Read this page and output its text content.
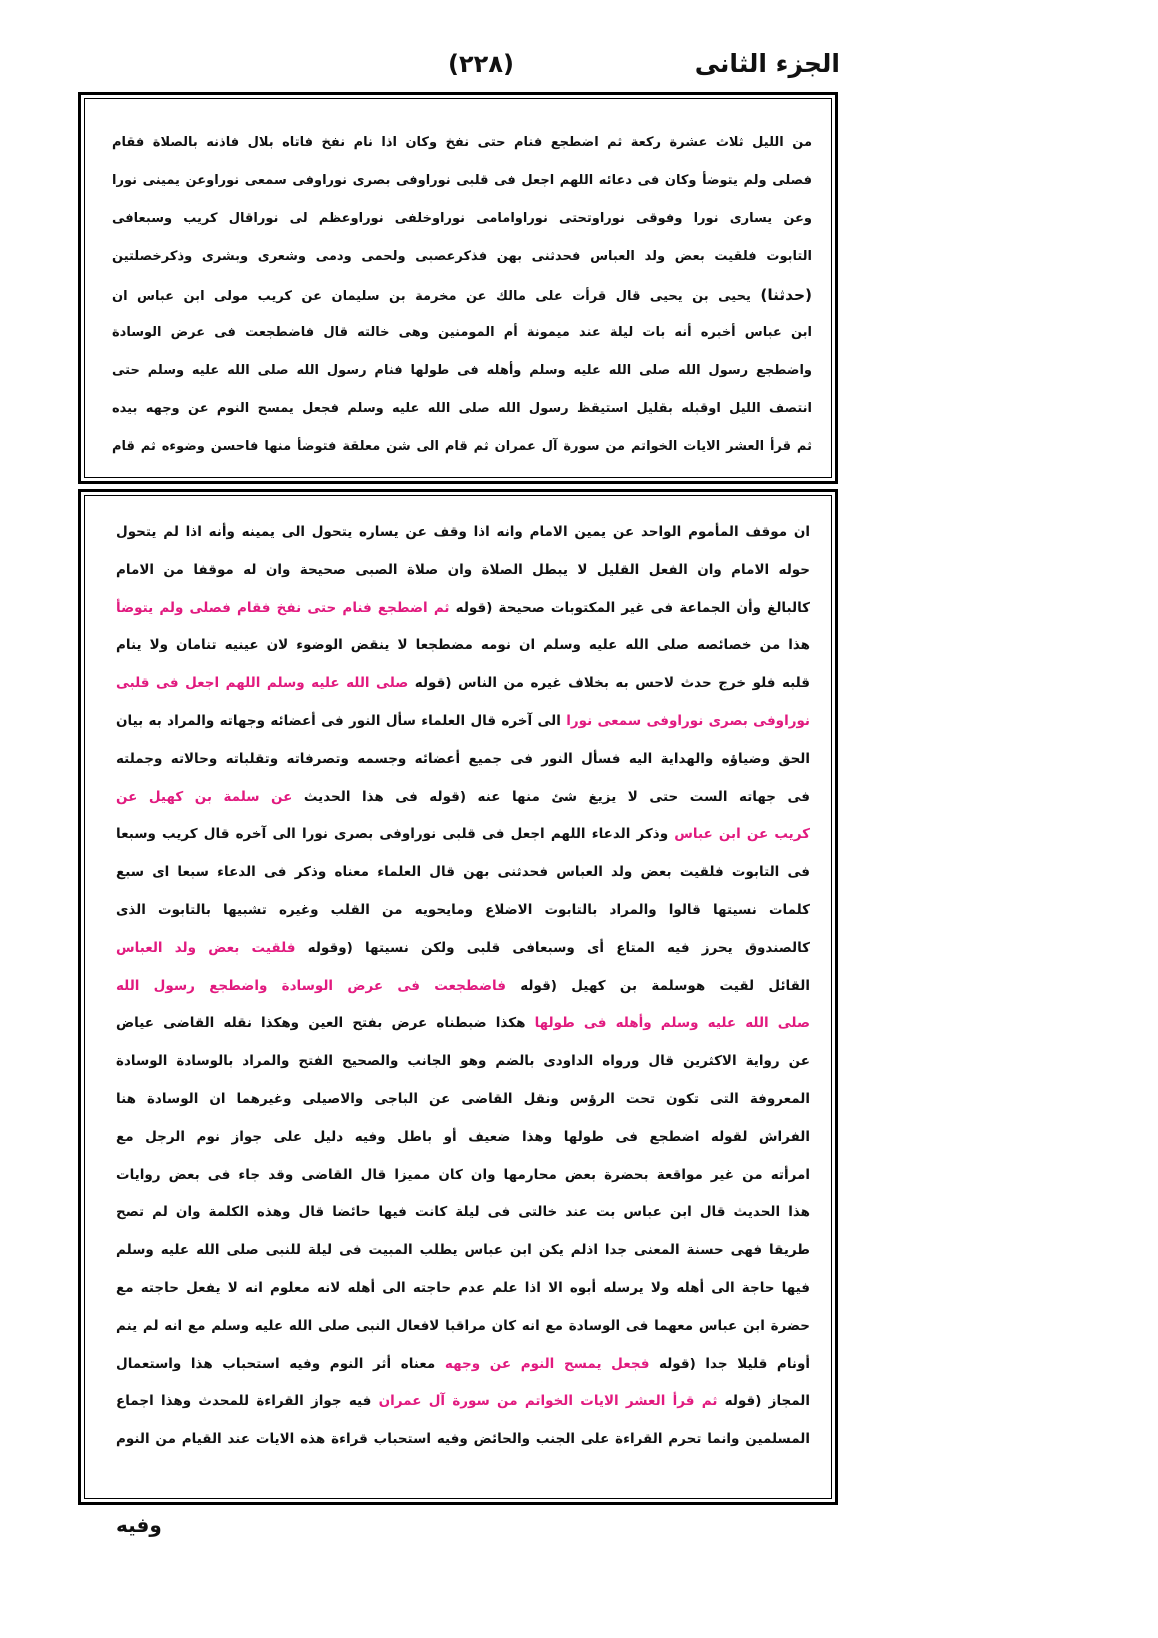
الجزء الثانى
(٢٢٨)
من الليل ثلاث عشرة ركعة ثم اضطجع فنام حتى نفخ وكان اذا نام نفخ فاتاه بلال فاذنه بالصلاة فقام
فصلى ولم يتوضأ وكان فى دعائه اللهم اجعل فى قلبى نوراوفى بصرى نوراوفى سمعى نوراوعن يمينى نورا
وعن يسارى نورا وفوقى نوراوتحتى نوراوامامى نوراوخلفى نوراوعظم لى نوراقال كريب وسبعافى
التابوت فلقيت بعض ولد العباس فحدثنى بهن فذكرعصبى ولحمى ودمى وشعرى وبشرى وذكرخصلتين
(حدثنا) يحيى بن يحيى قال قرأت على مالك عن مخرمة بن سليمان عن كريب مولى ابن عباس ان
ابن عباس أخبره أنه بات ليلة عند ميمونة أم المومنين وهى خالته قال فاضطجعت فى عرض الوسادة
واضطجع رسول الله صلى الله عليه وسلم وأهله فى طولها فنام رسول الله صلى الله عليه وسلم حتى
انتصف الليل اوقبله بقليل استيقظ رسول الله صلى الله عليه وسلم فجعل يمسح النوم عن وجهه بيده
ثم قرأ العشر الايات الخواتم من سورة آل عمران ثم قام الى شن معلقة فتوضأ منها فاحسن وضوءه ثم قام
ان موقف المأموم الواحد عن يمين الامام وانه اذا وقف عن يساره يتحول الى يمينه وأنه اذا لم يتحول
حوله الامام وان الفعل القليل لا يبطل الصلاة وان صلاة الصبى صحيحة وان له موقفا من الامام
كالبالغ وأن الجماعة فى غير المكتوبات صحيحة (قوله ثم اضطجع فنام حتى نفخ فقام فصلى ولم يتوضأ
هذا من خصائصه صلى الله عليه وسلم ان نومه مضطجعا لا ينقض الوضوء لان عينيه تنامان ولا ينام
قلبه فلو خرج حدث لاحس به بخلاف غيره من الناس (قوله صلى الله عليه وسلم اللهم اجعل فى قلبى
نوراوفى بصرى نوراوفى سمعى نورا الى آخره قال العلماء سأل النور فى أعضائه وجهاته والمراد به بيان
الحق وضياؤه والهداية اليه فسأل النور فى جميع أعضائه وجسمه وتصرفاته وتقلباته وحالاته وجملته
فى جهاته الست حتى لا يزيغ شئ منها عنه (قوله فى هذا الحديث عن سلمة بن كهيل عن
كريب عن ابن عباس وذكر الدعاء اللهم اجعل فى قلبى نوراوفى بصرى نورا الى آخره قال كريب وسبعا
فى التابوت فلقيت بعض ولد العباس فحدثنى بهن قال العلماء معناه وذكر فى الدعاء سبعا اى سبع
كلمات نسيتها قالوا والمراد بالتابوت الاضلاع ومايحويه من القلب وغيره تشبيها بالتابوت الذى
كالصندوق يحرز فيه المتاع أى وسبعافى قلبى ولكن نسيتها (وقوله فلقيت بعض ولد العباس
القائل لقيت هوسلمة بن كهيل (قوله فاضطجعت فى عرض الوسادة واضطجع رسول الله
صلى الله عليه وسلم وأهله فى طولها هكذا ضبطناه عرض بفتح العين وهكذا نقله القاضى عياض
عن رواية الاكثرين قال ورواه الداودى بالضم وهو الجانب والصحيح الفتح والمراد بالوسادة الوسادة
المعروفة التى تكون تحت الرؤس ونقل القاضى عن الباجى والاصيلى وغيرهما ان الوسادة هنا
الفراش لقوله اضطجع فى طولها وهذا ضعيف أو باطل وفيه دليل على جواز نوم الرجل مع
امرأته من غير مواقعة بحضرة بعض محارمها وان كان مميزا قال القاضى وقد جاء فى بعض روايات
هذا الحديث قال ابن عباس بت عند خالتى فى ليلة كانت فيها حائضا قال وهذه الكلمة وان لم تصح
طريقا فهى حسنة المعنى جدا اذلم يكن ابن عباس يطلب المبيت فى ليلة للنبى صلى الله عليه وسلم
فيها حاجة الى أهله ولا يرسله أبوه الا اذا علم عدم حاجته الى أهله لانه معلوم انه لا يفعل حاجته مع
حضرة ابن عباس معهما فى الوسادة مع انه كان مراقبا لافعال النبى صلى الله عليه وسلم مع انه لم ينم
أونام قليلا جدا (قوله فجعل يمسح النوم عن وجهه معناه أثر النوم وفيه استحباب هذا واستعمال
المجاز (قوله ثم قرأ العشر الايات الخواتم من سورة آل عمران فيه جواز القراءة للمحدث وهذا اجماع
المسلمين وانما تحرم القراءة على الجنب والحائض وفيه استحباب قراءة هذه الايات عند القيام من النوم
وفيه
